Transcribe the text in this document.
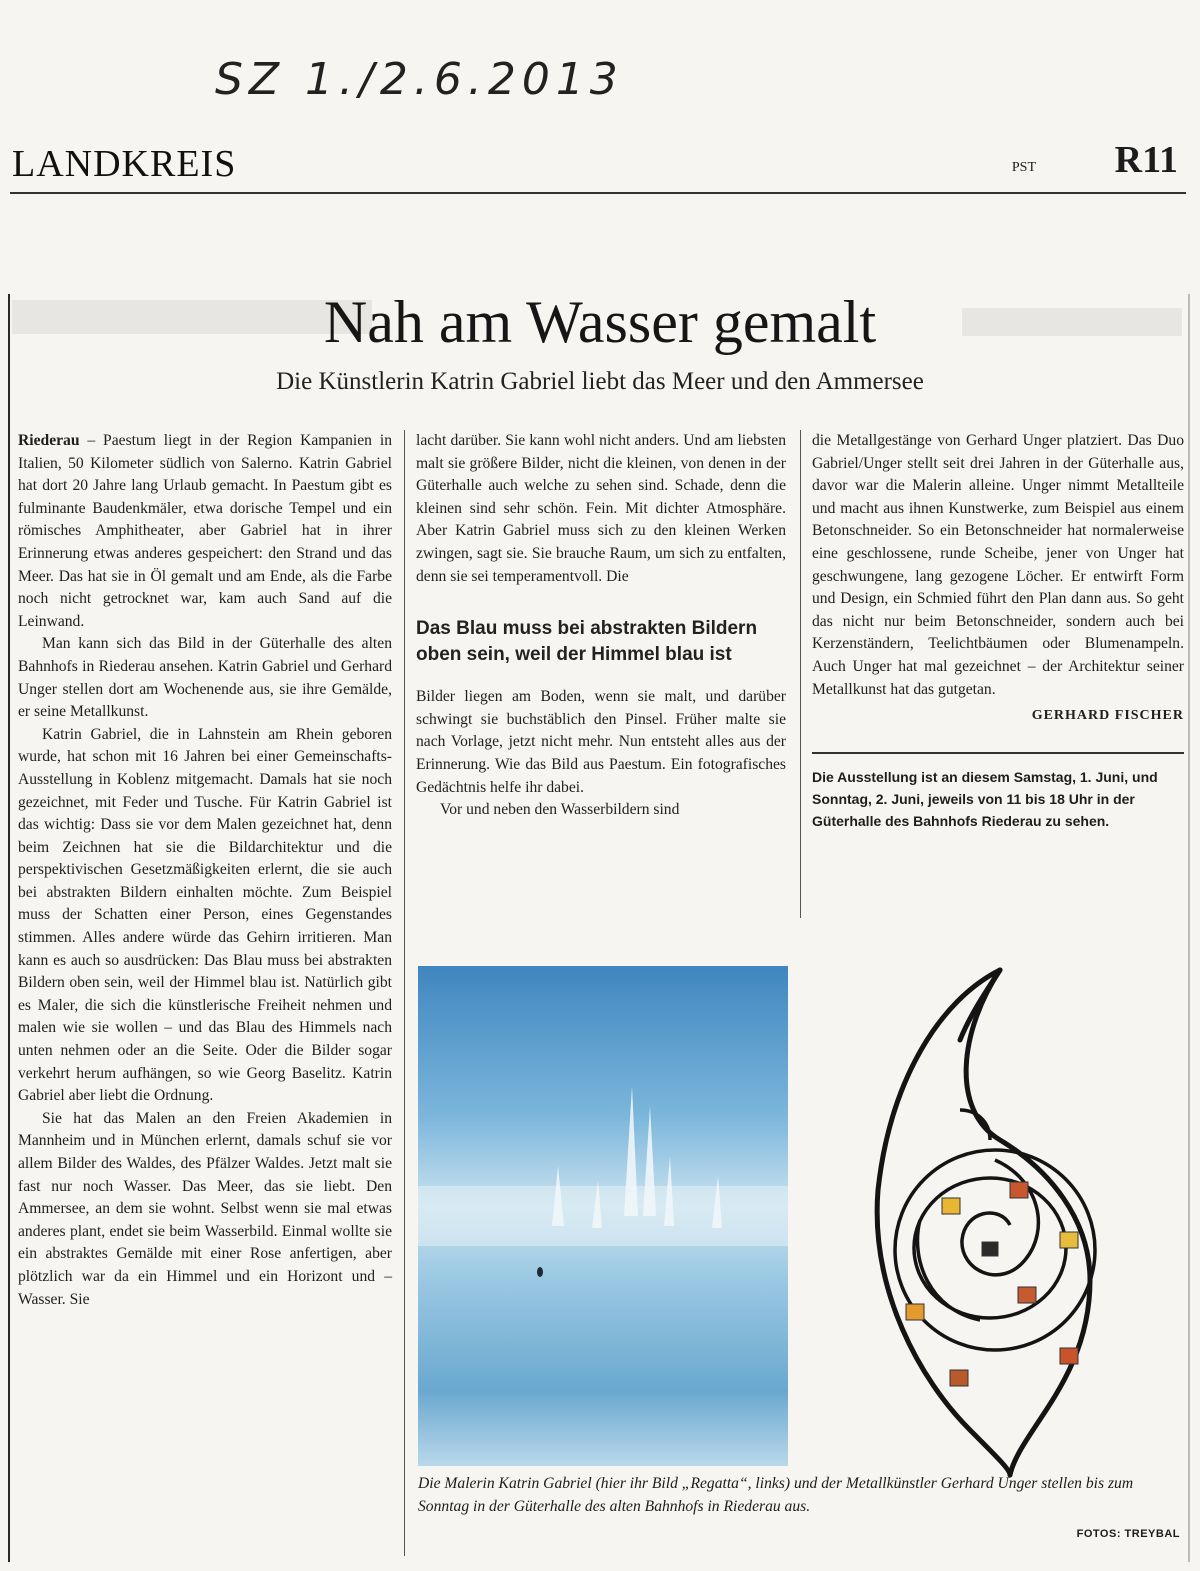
SZ 1./2.6.2013
LANDKREIS	PST R11
Nah am Wasser gemalt
Die Künstlerin Katrin Gabriel liebt das Meer und den Ammersee

Riederau – Paestum liegt in der Region Kampanien in Italien, 50 Kilometer südlich von Salerno. Katrin Gabriel hat dort 20 Jahre lang Urlaub gemacht. In Paestum gibt es fulminante Baudenkmäler, etwa dorische Tempel und ein römisches Amphitheater, aber Gabriel hat in ihrer Erinnerung etwas anderes gespeichert: den Strand und das Meer. Das hat sie in Öl gemalt und am Ende, als die Farbe noch nicht getrocknet war, kam auch Sand auf die Leinwand.

Man kann sich das Bild in der Güterhalle des alten Bahnhofs in Riederau ansehen. Katrin Gabriel und Gerhard Unger stellen dort am Wochenende aus, sie ihre Gemälde, er seine Metallkunst.

Katrin Gabriel, die in Lahnstein am Rhein geboren wurde, hat schon mit 16 Jahren bei einer Gemeinschafts-Ausstellung in Koblenz mitgemacht. Damals hat sie noch gezeichnet, mit Feder und Tusche. Für Katrin Gabriel ist das wichtig: Dass sie vor dem Malen gezeichnet hat, denn beim Zeichnen hat sie die Bildarchitektur und die perspektivischen Gesetzmäßigkeiten erlernt, die sie auch bei abstrakten Bildern einhalten möchte. Zum Beispiel muss der Schatten einer Person, eines Gegenstandes stimmen. Alles andere würde das Gehirn irritieren. Man kann es auch so ausdrücken: Das Blau muss bei abstrakten Bildern oben sein, weil der Himmel blau ist. Natürlich gibt es Maler, die sich die künstlerische Freiheit nehmen und malen wie sie wollen – und das Blau des Himmels nach unten nehmen oder an die Seite. Oder die Bilder sogar verkehrt herum aufhängen, so wie Georg Baselitz. Katrin Gabriel aber liebt die Ordnung.

Sie hat das Malen an den Freien Akademien in Mannheim und in München erlernt, damals schuf sie vor allem Bilder des Waldes, des Pfälzer Waldes. Jetzt malt sie fast nur noch Wasser. Das Meer, das sie liebt. Den Ammersee, an dem sie wohnt. Selbst wenn sie mal etwas anderes plant, endet sie beim Wasserbild. Einmal wollte sie ein abstraktes Gemälde mit einer Rose anfertigen, aber plötzlich war da ein Himmel und ein Horizont und – Wasser. Sie

lacht darüber. Sie kann wohl nicht anders. Und am liebsten malt sie größere Bilder, nicht die kleinen, von denen in der Güterhalle auch welche zu sehen sind. Schade, denn die kleinen sind sehr schön. Fein. Mit dichter Atmosphäre. Aber Katrin Gabriel muss sich zu den kleinen Werken zwingen, sagt sie. Sie brauche Raum, um sich zu entfalten, denn sie sei temperamentvoll. Die

Das Blau muss bei abstrakten Bildern oben sein, weil der Himmel blau ist

Bilder liegen am Boden, wenn sie malt, und darüber schwingt sie buchstäblich den Pinsel. Früher malte sie nach Vorlage, jetzt nicht mehr. Nun entsteht alles aus der Erinnerung. Wie das Bild aus Paestum. Ein fotografisches Gedächtnis helfe ihr dabei.

Vor und neben den Wasserbildern sind

die Metallgestänge von Gerhard Unger platziert. Das Duo Gabriel/Unger stellt seit drei Jahren in der Güterhalle aus, davor war die Malerin alleine. Unger nimmt Metallteile und macht aus ihnen Kunstwerke, zum Beispiel aus einem Betonschneider. So ein Betonschneider hat normalerweise eine geschlossene, runde Scheibe, jener von Unger hat geschwungene, lang gezogene Löcher. Er entwirft Form und Design, ein Schmied führt den Plan dann aus. So geht das nicht nur beim Betonschneider, sondern auch bei Kerzenständern, Teelichtbäumen oder Blumenampeln. Auch Unger hat mal gezeichnet – der Architektur seiner Metallkunst hat das gutgetan.

GERHARD FISCHER
Die Ausstellung ist an diesem Samstag, 1. Juni, und Sonntag, 2. Juni, jeweils von 11 bis 18 Uhr in der Güterhalle des Bahnhofs Riederau zu sehen.
Die Malerin Katrin Gabriel (hier ihr Bild „Regatta“, links) und der Metallkünstler Gerhard Unger stellen bis zum Sonntag in der Güterhalle des alten Bahnhofs in Riederau aus.
FOTOS: TREYBAL
